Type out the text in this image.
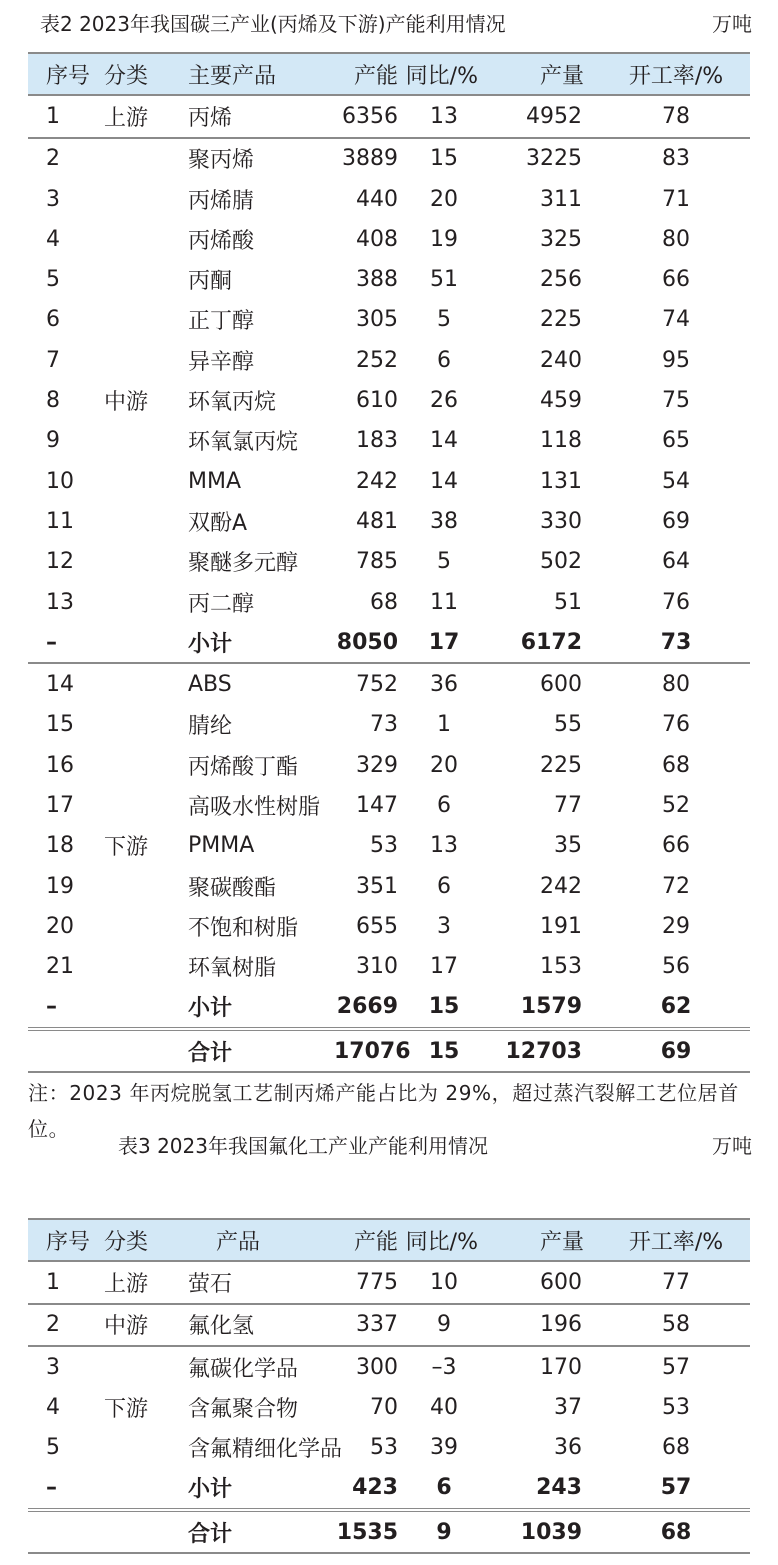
表2 2023年我国碳三产业(丙烯及下游)产能利用情况	万吨
序号	分类	主要产品	产能	同比/%	产量	开工率/%
1	上游	丙烯	6356	13	4952	78
2		聚丙烯	3889	15	3225	83
3		丙烯腈	440	20	311	71
4		丙烯酸	408	19	325	80
5		丙酮	388	51	256	66
6		正丁醇	305	5	225	74
7		异辛醇	252	6	240	95
8	中游	环氧丙烷	610	26	459	75
9		环氧氯丙烷	183	14	118	65
10		MMA	242	14	131	54
11		双酚A	481	38	330	69
12		聚醚多元醇	785	5	502	64
13		丙二醇	68	11	51	76
–		小计	8050	17	6172	73
14		ABS	752	36	600	80
15		腈纶	73	1	55	76
16		丙烯酸丁酯	329	20	225	68
17		高吸水性树脂	147	6	77	52
18	下游	PMMA	53	13	35	66
19		聚碳酸酯	351	6	242	72
20		不饱和树脂	655	3	191	29
21		环氧树脂	310	17	153	56
–		小计	2669	15	1579	62
		合计	17076	15	12703	69
注：2023 年丙烷脱氢工艺制丙烯产能占比为 29%，超过蒸汽裂解工艺位居首位。
表3 2023年我国氟化工产业产能利用情况	万吨
序号	分类	产品	产能	同比/%	产量	开工率/%
1	上游	萤石	775	10	600	77
2	中游	氟化氢	337	9	196	58
3		氟碳化学品	300	–3	170	57
4	下游	含氟聚合物	70	40	37	53
5		含氟精细化学品	53	39	36	68
–		小计	423	6	243	57
		合计	1535	9	1039	68
